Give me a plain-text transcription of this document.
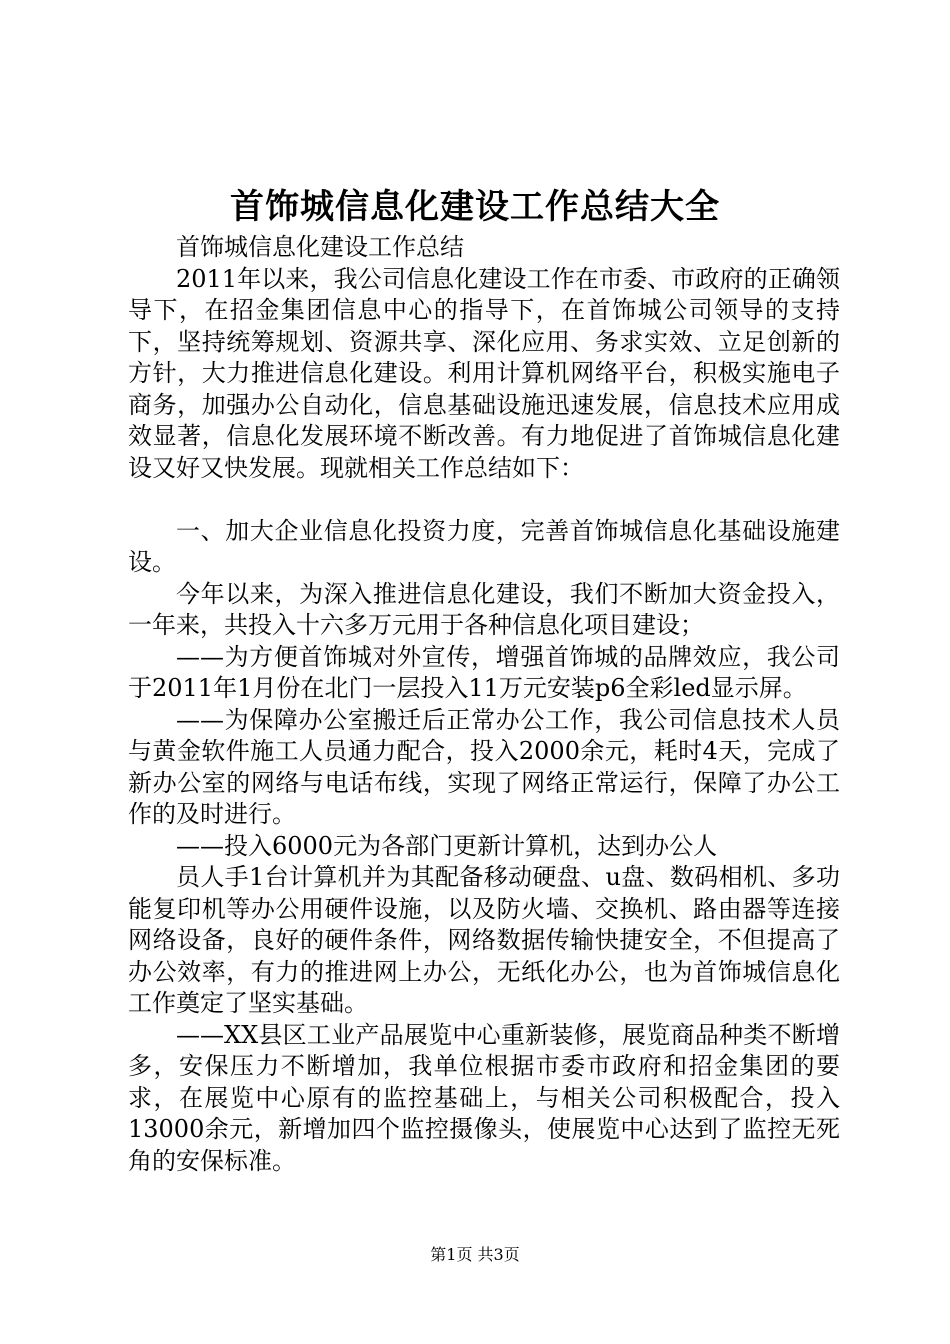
首饰城信息化建设工作总结大全

首饰城信息化建设工作总结

2011年以来，我公司信息化建设工作在市委、市政府的正确领导下，在招金集团信息中心的指导下，在首饰城公司领导的支持下，坚持统筹规划、资源共享、深化应用、务求实效、立足创新的方针，大力推进信息化建设。利用计算机网络平台，积极实施电子商务，加强办公自动化，信息基础设施迅速发展，信息技术应用成效显著，信息化发展环境不断改善。有力地促进了首饰城信息化建设又好又快发展。现就相关工作总结如下：

一、加大企业信息化投资力度，完善首饰城信息化基础设施建设。

今年以来，为深入推进信息化建设，我们不断加大资金投入，一年来，共投入十六多万元用于各种信息化项目建设；

——为方便首饰城对外宣传，增强首饰城的品牌效应，我公司于2011年1月份在北门一层投入11万元安装p6全彩led显示屏。

——为保障办公室搬迁后正常办公工作，我公司信息技术人员与黄金软件施工人员通力配合，投入2000余元，耗时4天，完成了新办公室的网络与电话布线，实现了网络正常运行，保障了办公工作的及时进行。

——投入6000元为各部门更新计算机，达到办公人

员人手1台计算机并为其配备移动硬盘、u盘、数码相机、多功能复印机等办公用硬件设施，以及防火墙、交换机、路由器等连接网络设备，良好的硬件条件，网络数据传输快捷安全，不但提高了办公效率，有力的推进网上办公，无纸化办公，也为首饰城信息化工作奠定了坚实基础。

——XX县区工业产品展览中心重新装修，展览商品种类不断增多，安保压力不断增加，我单位根据市委市政府和招金集团的要求，在展览中心原有的监控基础上，与相关公司积极配合，投入13000余元，新增加四个监控摄像头，使展览中心达到了监控无死角的安保标准。

第1页 共3页
